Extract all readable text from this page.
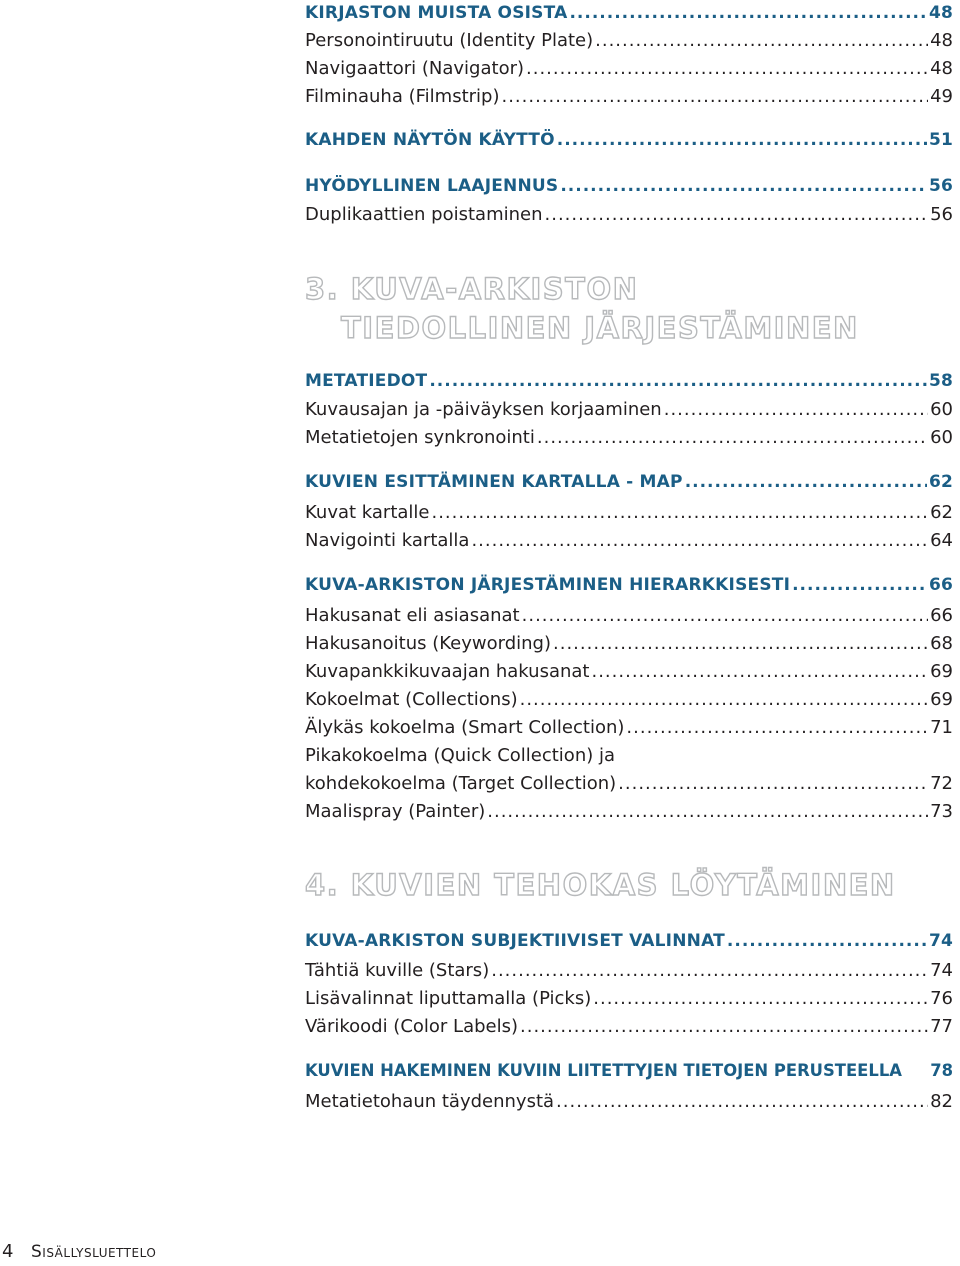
KIRJASTON MUISTA OSISTA .....	48
Personointiruutu (Identity Plate) .....	48
Navigaattori (Navigator) .....	48
Filminauha (Filmstrip) .....	49
KAHDEN NÄYTÖN KÄYTTÖ .....	51
HYÖDYLLINEN LAAJENNUS .....	56
Duplikaattien poistaminen .....	56
METATIEDOT .....	58
Kuvausajan ja -päiväyksen korjaaminen .....	60
Metatietojen synkronointi .....	60
KUVIEN ESITTÄMINEN KARTALLA - MAP .....	62
Kuvat kartalle .....	62
Navigointi kartalla .....	64
KUVA-ARKISTON JÄRJESTÄMINEN HIERARKKISESTI .....	66
Hakusanat eli asiasanat .....	66
Hakusanoitus (Keywording) .....	68
Kuvapankkikuvaajan hakusanat .....	69
Kokoelmat (Collections) .....	69
Älykäs kokoelma (Smart Collection) .....	71
Pikakokoelma (Quick Collection) ja
kohdekokoelma (Target Collection) .....	72
Maalispray (Painter) .....	73
KUVA-ARKISTON SUBJEKTIIVISET VALINNAT .....	74
Tähtiä kuville (Stars) .....	74
Lisävalinnat liputtamalla (Picks) .....	76
Värikoodi (Color Labels) .....	77
KUVIEN HAKEMINEN KUVIIN LIITETTYJEN TIETOJEN PERUSTEELLA 78
Metatietohaun täydennystä .....	82
3. KUVA-ARKISTON
TIEDOLLINEN JÄRJESTÄMINEN
4. KUVIEN TEHOKAS LÖYTÄMINEN
4 Sisällysluettelo
